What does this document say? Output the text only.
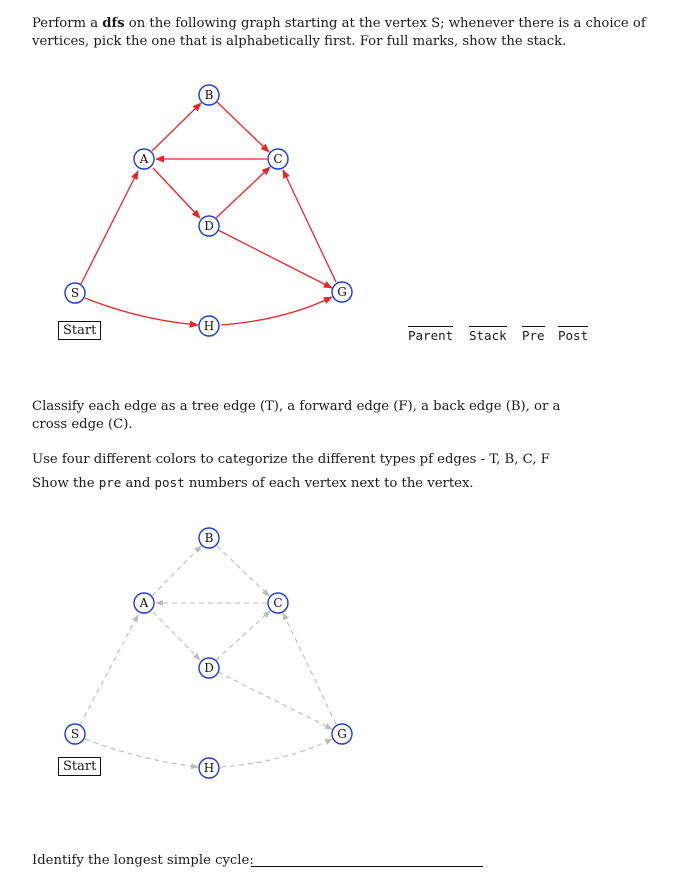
Perform a dfs on the following graph starting at the vertex S; whenever there is a choice of vertices, pick the one that is alphabetically first. For full marks, show the stack.

B
A	C
D
S	G
H
B
A	C
D
S	G
H
Start
Start
Parent Stack Pre Post

Classify each edge as a tree edge (T), a forward edge (F), a back edge (B), or a cross edge (C).

Use four different colors to categorize the different types pf edges - T, B, C, F

Show the pre and post numbers of each vertex next to the vertex.

Identify the longest simple cycle:
